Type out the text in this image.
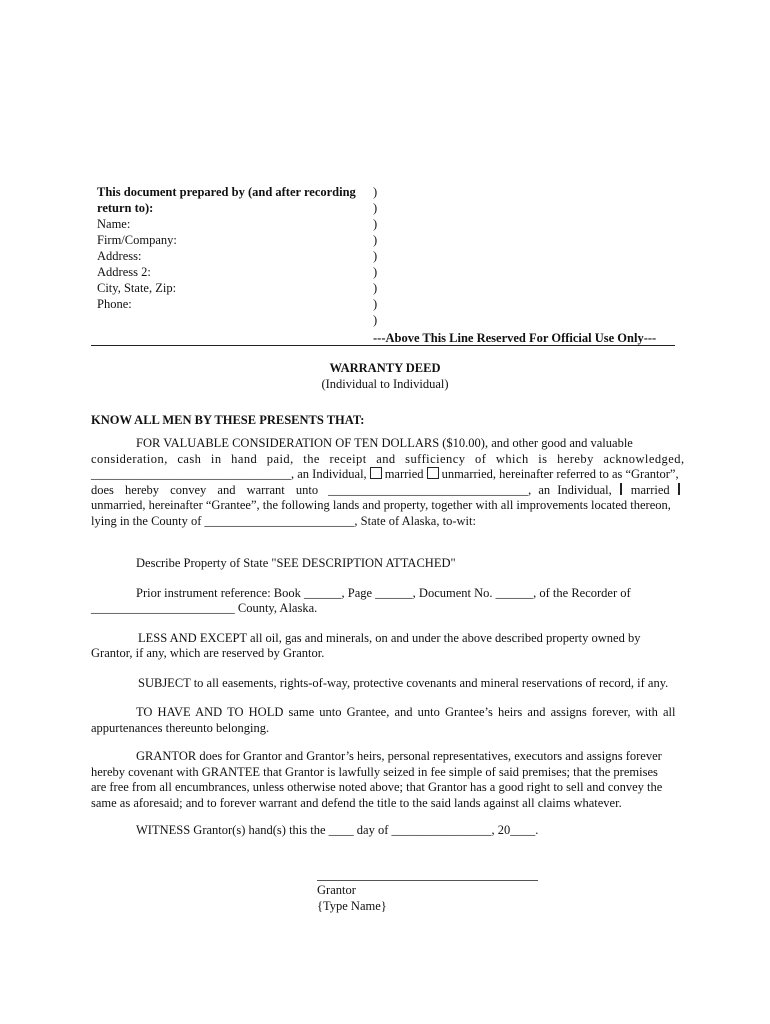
This document prepared by (and after recording
return to):
Name:
Firm/Company:
Address:
Address 2:
City, State, Zip:
Phone:
)
)
)
)
)
)
)
)
)
---Above This Line Reserved For Official Use Only---
WARRANTY DEED
(Individual to Individual)
KNOW ALL MEN BY THESE PRESENTS THAT:
FOR VALUABLE CONSIDERATION OF TEN DOLLARS ($10.00), and other good and valuable
consideration, cash in hand paid, the receipt and sufficiency of which is hereby acknowledged,
________________________________ , an Individual, married unmarried, hereinafter referred to as “Grantor”,
does hereby convey and warrant unto ________________________________ , an Individual, married
unmarried, hereinafter “Grantee”, the following lands and property, together with all improvements located thereon,
lying in the County of ________________________ , State of Alaska, to-wit:
Describe Property of State "SEE DESCRIPTION ATTACHED"
Prior instrument reference: Book ______, Page ______, Document No. ______, of the Recorder of
_______________________ County, Alaska.
LESS AND EXCEPT all oil, gas and minerals, on and under the above described property owned by
Grantor, if any, which are reserved by Grantor.
SUBJECT to all easements, rights-of-way, protective covenants and mineral reservations of record, if any.
TO HAVE AND TO HOLD same unto Grantee, and unto Grantee’s heirs and assigns forever, with all
appurtenances thereunto belonging.
GRANTOR does for Grantor and Grantor’s heirs, personal representatives, executors and assigns forever
hereby covenant with GRANTEE that Grantor is lawfully seized in fee simple of said premises; that the premises
are free from all encumbrances, unless otherwise noted above; that Grantor has a good right to sell and convey the
same as aforesaid; and to forever warrant and defend the title to the said lands against all claims whatever.
WITNESS Grantor(s) hand(s) this the ____ day of ________________, 20____.
Grantor
{Type Name}
